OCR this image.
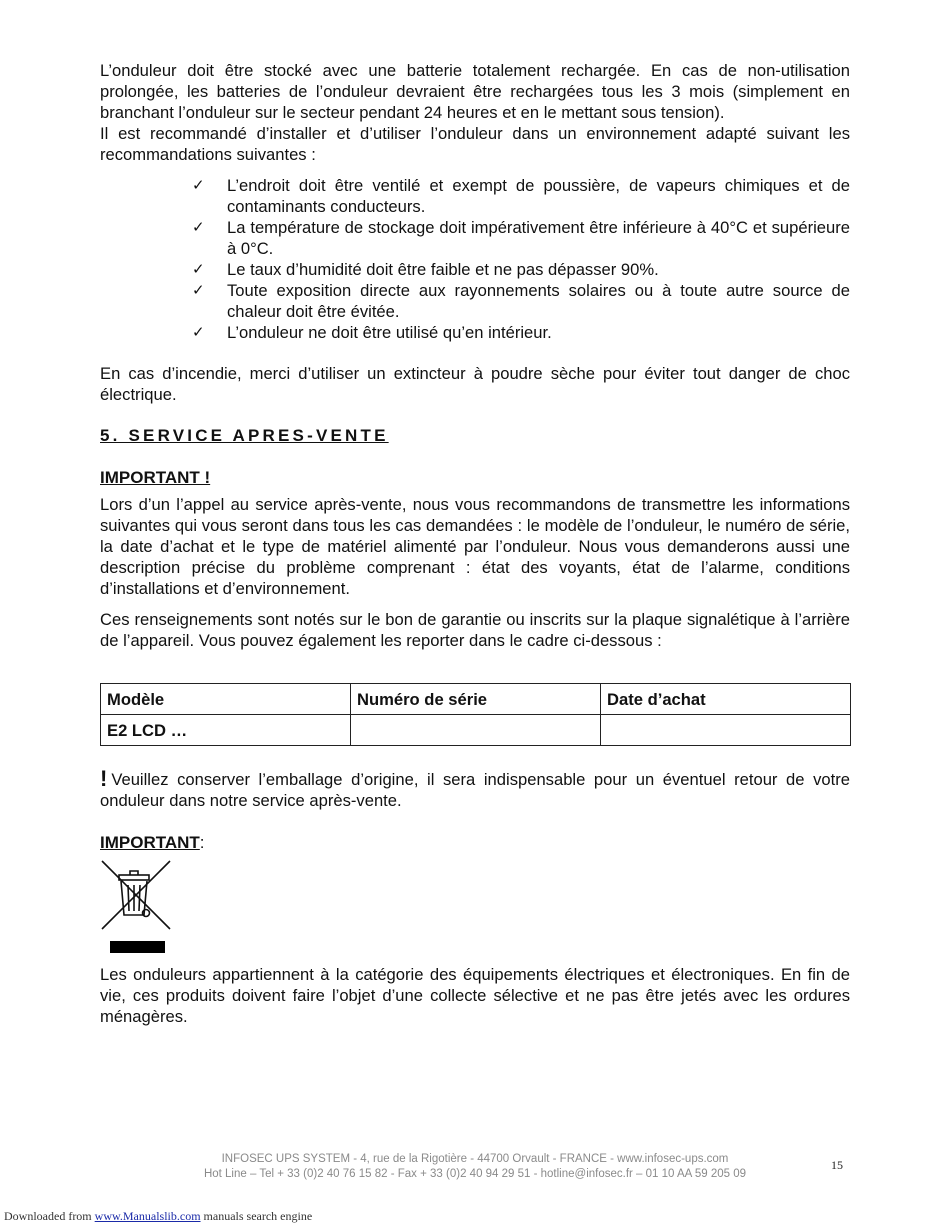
L’onduleur doit être stocké avec une batterie totalement rechargée. En cas de non-utilisation prolongée, les batteries de l’onduleur devraient être rechargées tous les 3 mois (simplement en branchant l’onduleur sur le secteur pendant 24 heures et en le mettant sous tension).

Il est recommandé d’installer et d’utiliser l’onduleur dans un environnement adapté suivant les recommandations suivantes :

✓ L’endroit doit être ventilé et exempt de poussière, de vapeurs chimiques et de contaminants conducteurs.
✓ La température de stockage doit impérativement être inférieure à 40°C et supérieure à 0°C.
✓ Le taux d’humidité doit être faible et ne pas dépasser 90%.
✓ Toute exposition directe aux rayonnements solaires ou à toute autre source de chaleur doit être évitée.
✓ L’onduleur ne doit être utilisé qu’en intérieur.

En cas d’incendie, merci d’utiliser un extincteur à poudre sèche pour éviter tout danger de choc électrique.

5. SERVICE APRES-VENTE
IMPORTANT !

Lors d’un l’appel au service après-vente, nous vous recommandons de transmettre les informations suivantes qui vous seront dans tous les cas demandées : le modèle de l’onduleur, le numéro de série, la date d’achat et le type de matériel alimenté par l’onduleur. Nous vous demanderons aussi une description précise du problème comprenant : état des voyants, état de l’alarme, conditions d’installations et d’environnement.

Ces renseignements sont notés sur le bon de garantie ou inscrits sur la plaque signalétique à l’arrière de l’appareil. Vous pouvez également les reporter dans le cadre ci-dessous :

Modèle	Numéro de série	Date d’achat
E2 LCD …		

! Veuillez conserver l’emballage d’origine, il sera indispensable pour un éventuel retour de votre onduleur dans notre service après-vente.

IMPORTANT:

Les onduleurs appartiennent à la catégorie des équipements électriques et électroniques. En fin de vie, ces produits doivent faire l’objet d’une collecte sélective et ne pas être jetés avec les ordures ménagères.

INFOSEC UPS SYSTEM - 4, rue de la Rigotière - 44700 Orvault - FRANCE - www.infosec-ups.com
Hot Line – Tel + 33 (0)2 40 76 15 82 - Fax + 33 (0)2 40 94 29 51 - hotline@infosec.fr – 01 10 AA 59 205 09
15
Downloaded from www.Manualslib.com manuals search engine
